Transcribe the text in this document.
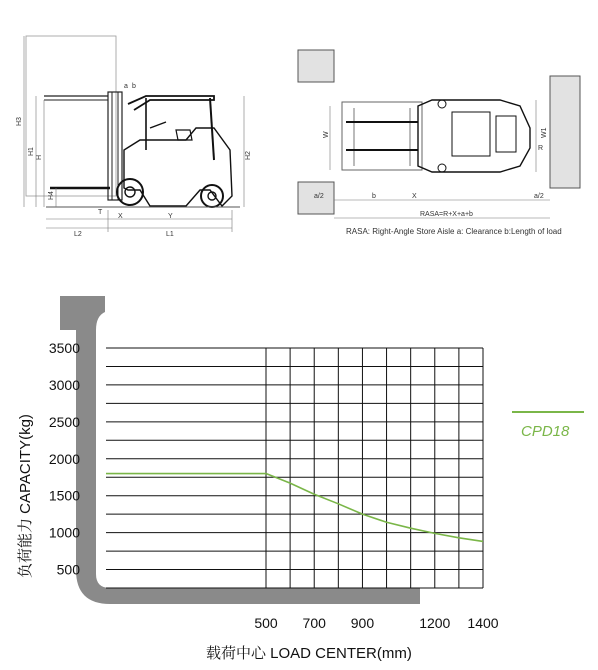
H3
H1
H
H4
H2
L2	L1
X	Y
T
a b
a/2	b	X
R
W1
W
a/2
RASA=R+X+a+b
RASA: Right-Angle Store Aisle a: Clearance b:Length of load
500
1000
1500
2000
2500
3000
3500
500 700 900	1200 1400
负荷能力 CAPACITY(kg)
载荷中心 LOAD CENTER(mm)
CPD18
